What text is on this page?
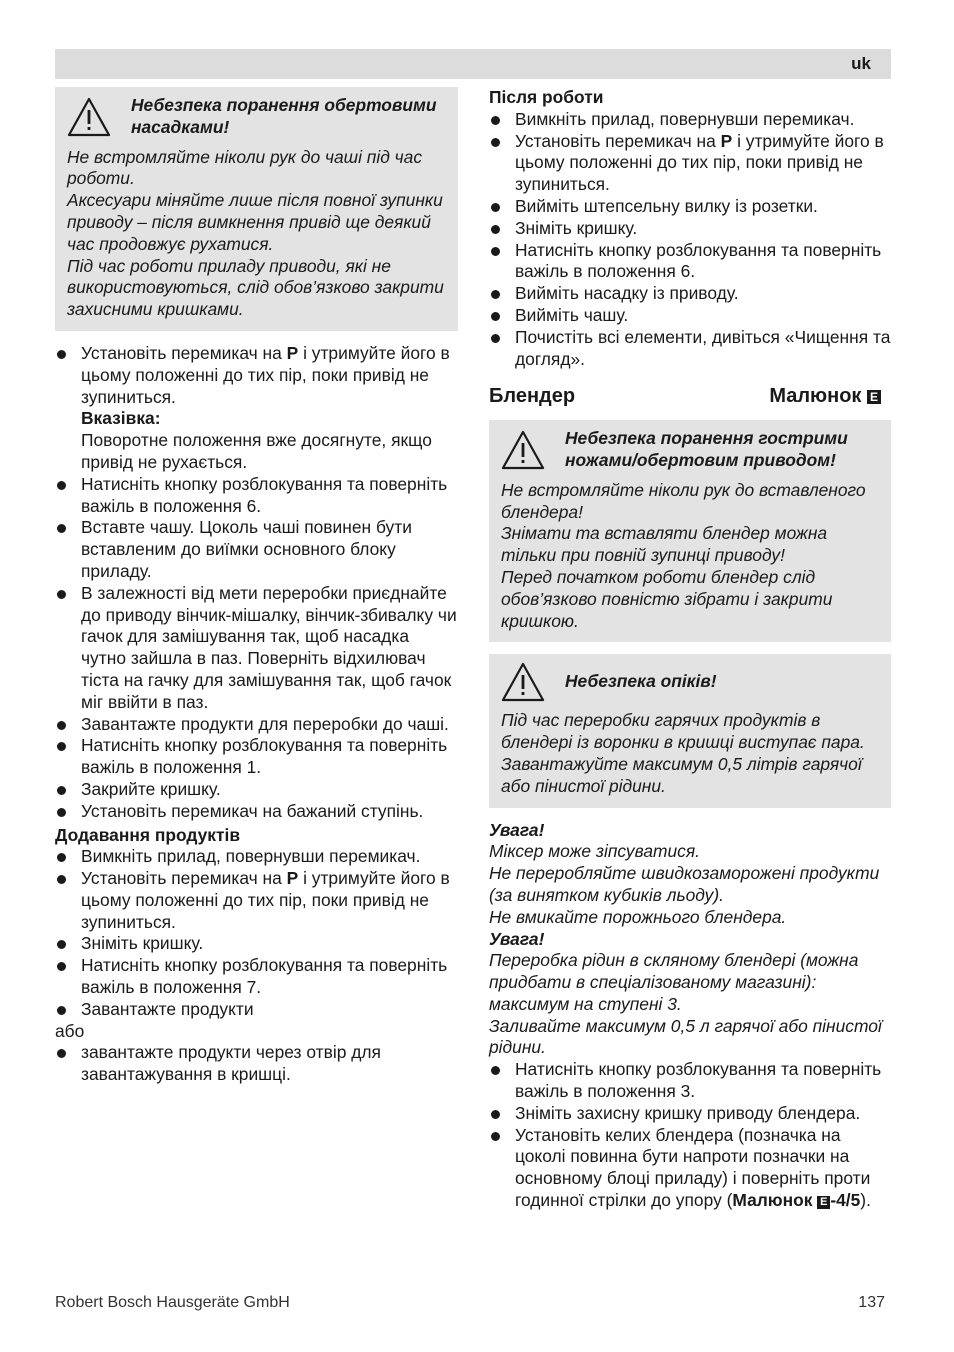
uk
Небезпека поранення обертовими насадками!

Не встромляйте ніколи рук до чаші під час роботи.

Аксесуари міняйте лише після повної зупинки приводу – після вимкнення привід ще деякий час продовжує рухатися.

Під час роботи приладу приводи, які не використовуються, слід обов’язково закрити захисними кришками.

Установіть перемикач на P і утримуйте його в цьому положенні до тих пір, поки привід не зупиниться.
Вказівка:
Поворотне положення вже досягнуте, якщо привід не рухається.
Натисніть кнопку розблокування та поверніть важіль в положення 6.
Вставте чашу. Цоколь чаші повинен бути вставленим до виїмки основного блоку приладу.
В залежності від мети переробки приєднайте до приводу вінчик-мішалку, вінчик-збивалку чи гачок для замішування так, щоб насадка чутно зайшла в паз. Поверніть відхилювач тіста на гачку для замішування так, щоб гачок міг ввійти в паз.
Завантажте продукти для переробки до чаші.
Натисніть кнопку розблокування та поверніть важіль в положення 1.
Закрийте кришку.
Установіть перемикач на бажаний ступінь.
Додавання продуктів
Вимкніть прилад, повернувши перемикач.
Установіть перемикач на P і утримуйте його в цьому положенні до тих пір, поки привід не зупиниться.
Зніміть кришку.
Натисніть кнопку розблокування та поверніть важіль в положення 7.
Завантажте продукти

або

завантажте продукти через отвір для завантажування в кришці.
Після роботи
Вимкніть прилад, повернувши перемикач.
Установіть перемикач на P і утримуйте його в цьому положенні до тих пір, поки привід не зупиниться.
Вийміть штепсельну вилку із розетки.
Зніміть кришку.
Натисніть кнопку розблокування та поверніть важіль в положення 6.
Вийміть насадку із приводу.
Вийміть чашу.
Почистіть всі елементи, дивіться «Чищення та догляд».
Блендер	Малюнок E
Небезпека поранення гострими ножами/обертовим приводом!

Не встромляйте ніколи рук до вставленого блендера!

Знімати та вставляти блендер можна тільки при повній зупинці приводу!

Перед початком роботи блендер слід обов’язково повністю зібрати і закрити кришкою.

Небезпека опіків!

Під час переробки гарячих продуктів в блендері із воронки в кришці виступає пара. Завантажуйте максимум 0,5 літрів гарячої або пінистої рідини.

Увага!

Міксер може зіпсуватися.

Не переробляйте швидкозаморожені продукти (за винятком кубиків льоду).

Не вмикайте порожнього блендера.

Увага!

Переробка рідин в скляному блендері (можна придбати в спеціалізованому магазині): максимум на ступені 3.

Заливайте максимум 0,5 л гарячої або пінистої рідини.

Натисніть кнопку розблокування та поверніть важіль в положення 3.
Зніміть захисну кришку приводу блендера.
Установіть келих блендера (позначка на цоколі повинна бути напроти позначки на основному блоці приладу) і поверніть проти годинної стрілки до упору (Малюнок E -4/5).
Robert Bosch Hausgeräte GmbH	137
